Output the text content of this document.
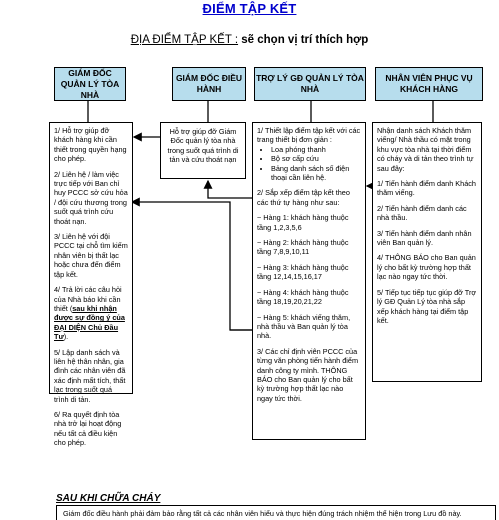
ĐIỂM TẬP KẾT
ĐỊA ĐIỂM TẬP KẾT : sẽ chọn vị trí thích hợp
GIÁM ĐỐC QUẢN LÝ TÒA NHÀ
GIÁM ĐỐC ĐIỀU HÀNH
TRỢ LÝ GĐ QUẢN LÝ TÒA NHÀ
NHÂN VIÊN PHỤC VỤ KHÁCH HÀNG

1/ Hỗ trợ giúp đỡ khách hàng khi cần thiết trong quyền hạng cho phép.

2/ Liên hệ / làm việc trực tiếp với Ban chỉ huy PCCC sở cứu hỏa / đội cứu thương trong suốt quá trình cứu thoát nạn.

3/ Liên hệ với đội PCCC tại chỗ tìm kiếm nhân viên bị thất lạc hoặc chưa đến điểm tập kết.

4/ Trả lời các câu hỏi của Nhà báo khi cần thiết (sau khi nhận được sự đồng ý của ĐẠI DIỆN Chủ Đầu Tư).

5/ Lập danh sách và liên hệ thân nhân, gia đình các nhân viên đã xác định mất tích, thất lạc trong suốt quá trình di tản.

6/ Ra quyết định tòa nhà trở lại hoạt động nếu tất cả điều kiện cho phép.

Hỗ trợ giúp đỡ Giám Đốc quản lý tòa nhà trong suốt quá trình di tản và cứu thoát nạn

1/ Thiết lập điểm tập kết với các trang thiết bị đơn giản :

• Loa phóng thanh
• Bộ sơ cấp cứu
• Bảng danh sách số điện thoại cần liên hệ.

2/ Sắp xếp điểm tập kết theo các thứ tự hàng như sau:

~ Hàng 1: khách hàng thuộc tầng 1,2,3,5,6

~ Hàng 2: khách hàng thuộc tầng 7,8,9,10,11

~ Hàng 3: khách hàng thuộc tầng 12,14,15,16,17

~ Hàng 4: khách hàng thuộc tầng 18,19,20,21,22

~ Hàng 5: khách viếng thăm, nhà thầu và Ban quản lý tòa nhà.

3/ Các chỉ định viên PCCC của từng văn phòng tiến hành điểm danh công ty mình. THÔNG BÁO cho Ban quản lý cho bất kỳ trường hợp thất lạc nào ngay tức thời.

Nhận danh sách Khách thăm viếng/ Nhà thầu có mặt trong khu vực tòa nhà tại thời điểm có cháy và di tản theo trình tự sau đây:

1/ Tiến hành điểm danh Khách thăm viếng.

2/ Tiến hành điểm danh các nhà thầu.

3/ Tiến hành điểm danh nhân viên Ban quản lý.

4/ THÔNG BÁO cho Ban quản lý cho bất kỳ trường hợp thất lạc nào ngay tức thời.

5/ Tiếp tục tiếp tục giúp đỡ Trợ lý GĐ Quản Lý tòa nhà sắp xếp khách hàng tại điểm tập kết.

SAU KHI CHỮA CHÁY
Giám đốc điều hành phải đảm bảo rằng tất cả các nhân viên hiểu và thực hiện đúng trách nhiệm thể hiện trong Lưu đồ này.
